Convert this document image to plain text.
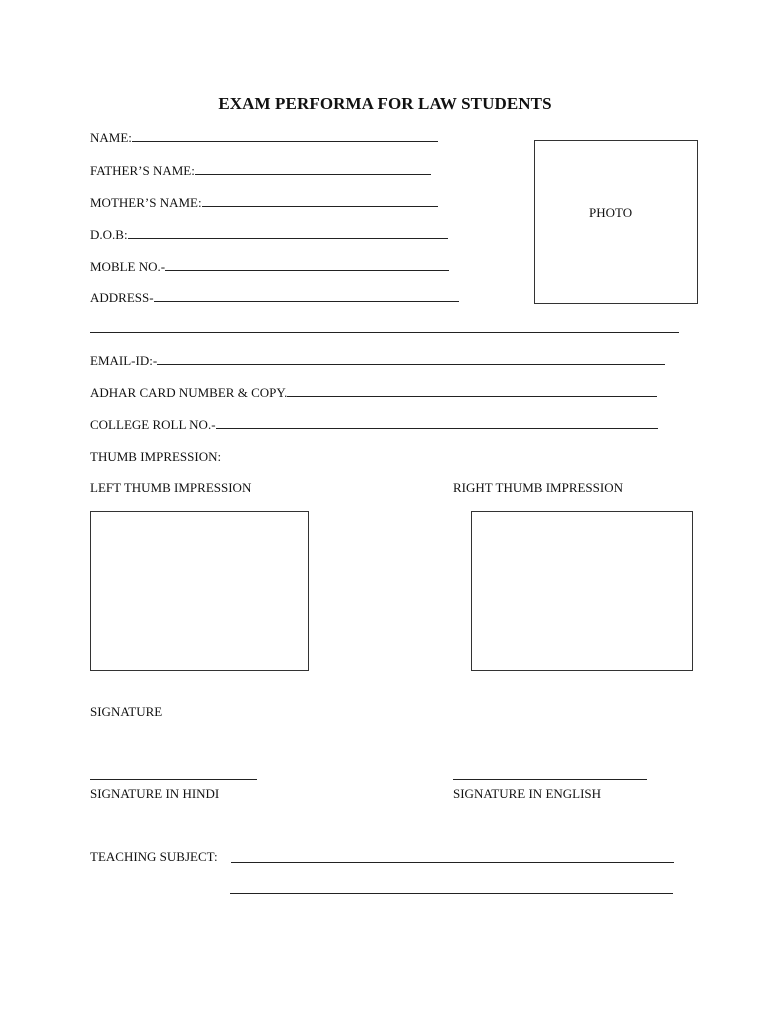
EXAM PERFORMA FOR LAW STUDENTS
PHOTO
NAME:
FATHER’S NAME:
MOTHER’S NAME:
D.O.B:
MOBLE NO.-
ADDRESS-
EMAIL-ID:-
ADHAR CARD NUMBER & COPY.
COLLEGE ROLL NO.-
THUMB IMPRESSION:
LEFT THUMB IMPRESSION	RIGHT THUMB IMPRESSION
SIGNATURE
SIGNATURE IN HINDI	SIGNATURE IN ENGLISH
TEACHING SUBJECT:
